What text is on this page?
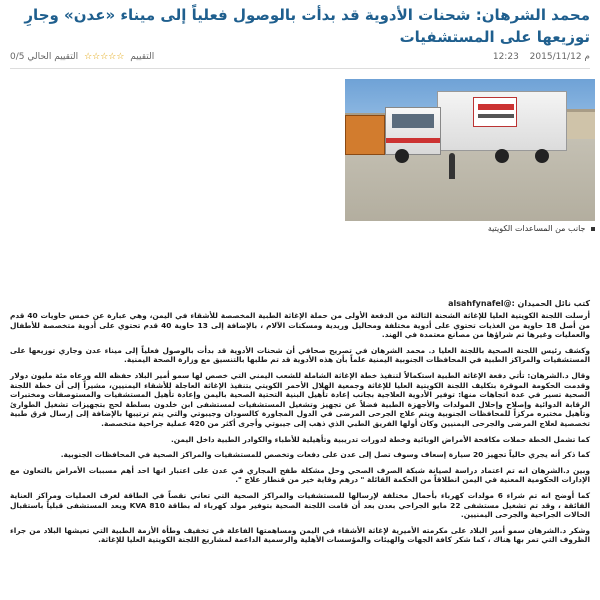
محمد الشرهان: شحنات الأدوية قد بدأت بالوصول فعلياً إلى ميناء «عدن» وجارِ توزيعها على المستشفيات
التقييم ☆☆☆☆☆ التقييم الحالي 0/5	12:23 م 2015/11/12
جانب من المساعدات الكويتية
كتب نائل الحميدان :@alsahfynafel

أرسلت اللجنة الكويتية العليا للإغاثة الشحنة الثالثة من الدفعة الأولى من حملة الإغاثة الطبية المخصصة للأشقاء في اليمن، وهي عبارة عن خمس حاويات 40 قدم من أصل 18 حاوية من الغذيات تحتوي على أدوية مختلفة ومحاليل وريدية ومسكنات الآلام ، بالإضافة إلى 13 حاوية 40 قدم تحتوي على أدوية متخصصة للأطفال والعمليات وغيرها تم شراؤها من مصانع معتمدة في الهند.

وكشف رئيس اللجنة الصحية باللجنة العليا د. محمد الشرهان في تصريح صحافي أن شحنات الأدوية قد بدأت بالوصول فعلياً إلى ميناء عدن وجاري توزيعها على المستشفيات والمراكز الطبية في المحافظات الجنوبية اليمنية علماً بأن هذه الأدوية قد تم طلبها بالتنسيق مع وزارة الصحة اليمنية.

وقال د.الشرهان: تأتي دفعة الإغاثة الطبية استكمالاً لتنفيذ خطة الإغاثة الشاملة للشعب اليمني التي خصص لها سمو أمير البلاد حفظه الله ورعاه مئة مليون دولار وقدمت الحكومة الموقرة بتكليف اللجنة الكويتية العليا للإغاثة وجمعية الهلال الأحمر الكويتي بتنفيذ الإغاثة العاجلة للأشقاء اليمنيين، مشيراً إلى أن خطة اللجنة الصحية تسير في عدة اتجاهات منها: توفير الأدوية العلاجية بجانب إعادة تأهيل البنية التحتية الصحية باليمن وإعادة تأهيل المستشفيات والمستوصفات ومختبرات الرقابة الدوائية وإصلاح وإحلال المولدات والأجهزة الطبية فضلاً عن تجهيز وتشغيل المستشفيات لمستشفى ابن خلدون بسلطة لحج بتجهيزات تشغيل الطوارئ وتأهيل مختبره مركزاً للمحافظات الجنوبية ويتم علاج الجرحى المرضى في الدول المجاورة كالسودان وجيبوتي والتي يتم ترتيبها بالإضافة إلى إرسال فرق طبية تخصصية لعلاج المرضى والجرحى اليمنيين وكان أولها الفريق الطبي الذي ذهب إلى جيبوتي وأجرى أكثر من 420 عملية جراحية متخصصة.

كما تشمل الخطة حملات مكافحة الأمراض الوبائية وخطة لدورات تدريبية وتأهيلية للأطباء والكوادر الطبية داخل اليمن.

كما ذكر أنه يجري حالياً تجهيز 20 سيارة إسعاف وسوف تصل إلى عدن على دفعات وتخصص للمستشفيات والمراكز الصحية في المحافظات الجنوبية.

وبين د.الشرهان انه تم اعتماد دراسة لصيانة شبكة الصرف الصحي وحل مشكلة طفح المجاري في عدن على اعتبار انها احد أهم مسببات الأمراض بالتعاون مع الإدارات الحكومية المعنية في اليمن انطلاقاً من الحكمة القائلة " درهم وقاية خير من قنطار علاج ".

كما أوضح انه تم شراء 6 مولدات كهرباء بأحمال مختلفة لإرسالها للمستشفيات والمراكز الصحية التي تعاني نقصاً في الطاقة لغرف العمليات ومراكز العناية الفائقة ، وقد تم تشغيل مستشفى 22 مايو الجراحي بعدن بعد أن قامت اللجنة الصحية بتوفير مولد كهرباء له بطاقة KVA 810 ويعد المستشفى قبلياً باستقبال الحالات الجراحية والجرحى اليمنيين.

وشكر د.الشرهان سمو أمير البلاد على مكرمته الأميرية لإغاثة الأشقاء في اليمن ومساهمتها الفاعلة في تخفيف وطأة الأزمة الطبية التي تعيشها البلاد من جراء الظروف التي تمر بها هناك ، كما شكر كافة الجهات والهيئات والمؤسسات الأهلية والرسمية الداعمة لمشاريع اللجنة الكويتية العليا للإغاثة.
